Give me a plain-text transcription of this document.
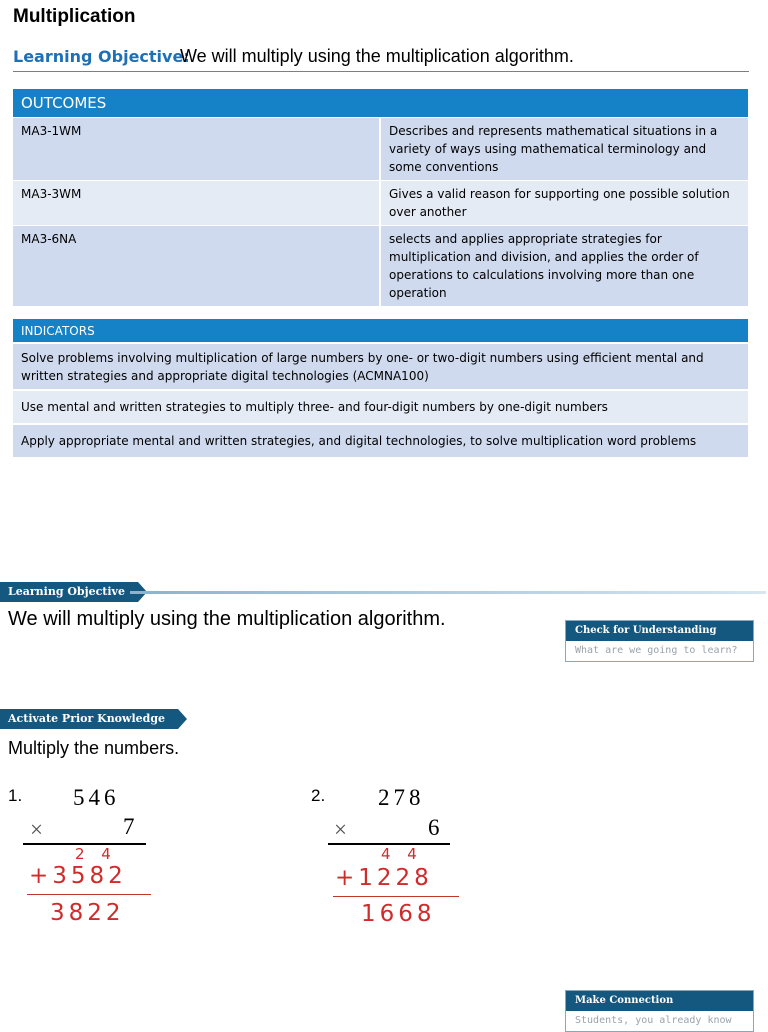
Multiplication
Learning Objective:
We will multiply using the multiplication algorithm.
OUTCOMES	
MA3-1WM	Describes and represents mathematical situations in a variety of ways using mathematical terminology and some conventions
MA3-3WM	Gives a valid reason for supporting one possible solution over another
MA3-6NA	selects and applies appropriate strategies for multiplication and division, and applies the order of operations to calculations involving more than one operation
INDICATORS
Solve problems involving multiplication of large numbers by one- or two-digit numbers using efficient mental and written strategies and appropriate digital technologies (ACMNA100)
Use mental and written strategies to multiply three- and four-digit numbers by one-digit numbers
Apply appropriate mental and written strategies, and digital technologies, to solve multiplication word problems
Learning Objective
We will multiply using the multiplication algorithm.
Check for Understanding
What are we going to learn?
Activate Prior Knowledge
Multiply the numbers.
1. 546
×	7
2 4
+3582
3822
2. 278
×	6
4 4
+1228
1668
Make Connection
Students, you already know
